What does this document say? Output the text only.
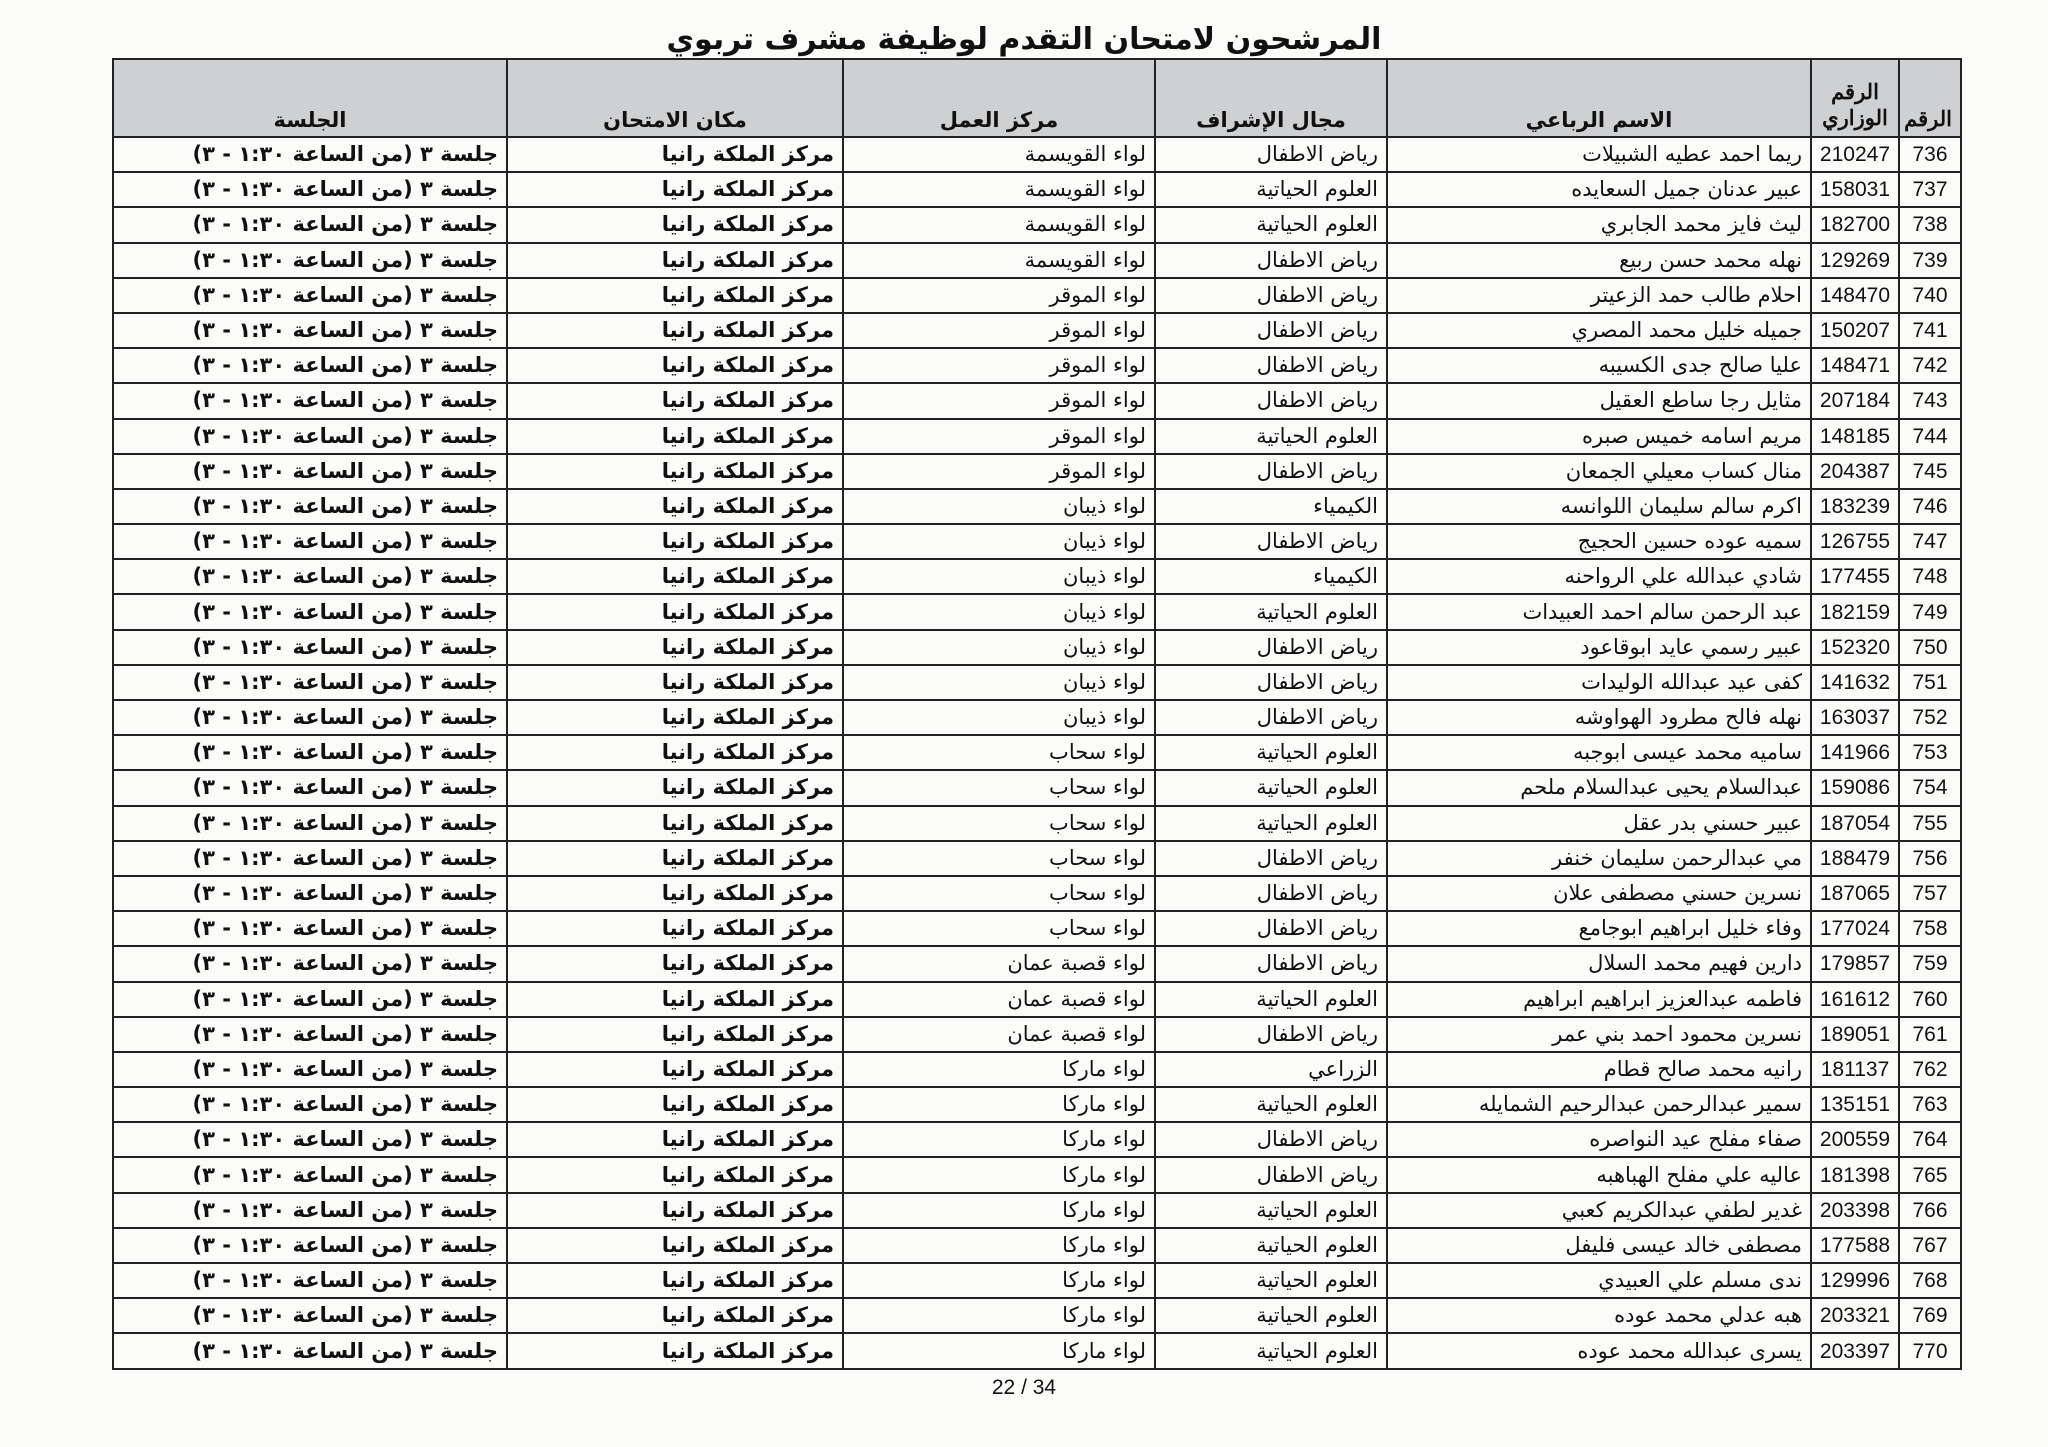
المرشحون لامتحان التقدم لوظيفة مشرف تربوي
الرقم	الرقم الوزاري	الاسم الرباعي	مجال الإشراف	مركز العمل	مكان الامتحان	الجلسة
736	210247	ريما احمد عطيه الشبيلات	رياض الاطفال	لواء القويسمة	مركز الملكة رانيا	جلسة ٣ (من الساعة ١:٣٠ - ٣)
737	158031	عبير عدنان جميل السعايده	العلوم الحياتية	لواء القويسمة	مركز الملكة رانيا	جلسة ٣ (من الساعة ١:٣٠ - ٣)
738	182700	ليث فايز محمد الجابري	العلوم الحياتية	لواء القويسمة	مركز الملكة رانيا	جلسة ٣ (من الساعة ١:٣٠ - ٣)
739	129269	نهله محمد حسن ربيع	رياض الاطفال	لواء القويسمة	مركز الملكة رانيا	جلسة ٣ (من الساعة ١:٣٠ - ٣)
740	148470	احلام طالب حمد الزعيتر	رياض الاطفال	لواء الموقر	مركز الملكة رانيا	جلسة ٣ (من الساعة ١:٣٠ - ٣)
741	150207	جميله خليل محمد المصري	رياض الاطفال	لواء الموقر	مركز الملكة رانيا	جلسة ٣ (من الساعة ١:٣٠ - ٣)
742	148471	عليا صالح جدى الكسيبه	رياض الاطفال	لواء الموقر	مركز الملكة رانيا	جلسة ٣ (من الساعة ١:٣٠ - ٣)
743	207184	مثايل رجا ساطع العقيل	رياض الاطفال	لواء الموقر	مركز الملكة رانيا	جلسة ٣ (من الساعة ١:٣٠ - ٣)
744	148185	مريم اسامه خميس صبره	العلوم الحياتية	لواء الموقر	مركز الملكة رانيا	جلسة ٣ (من الساعة ١:٣٠ - ٣)
745	204387	منال كساب معيلي الجمعان	رياض الاطفال	لواء الموقر	مركز الملكة رانيا	جلسة ٣ (من الساعة ١:٣٠ - ٣)
746	183239	اكرم سالم سليمان اللوانسه	الكيمياء	لواء ذيبان	مركز الملكة رانيا	جلسة ٣ (من الساعة ١:٣٠ - ٣)
747	126755	سميه عوده حسين الحجيج	رياض الاطفال	لواء ذيبان	مركز الملكة رانيا	جلسة ٣ (من الساعة ١:٣٠ - ٣)
748	177455	شادي عبدالله علي الرواحنه	الكيمياء	لواء ذيبان	مركز الملكة رانيا	جلسة ٣ (من الساعة ١:٣٠ - ٣)
749	182159	عبد الرحمن سالم احمد العبيدات	العلوم الحياتية	لواء ذيبان	مركز الملكة رانيا	جلسة ٣ (من الساعة ١:٣٠ - ٣)
750	152320	عبير رسمي عايد ابوقاعود	رياض الاطفال	لواء ذيبان	مركز الملكة رانيا	جلسة ٣ (من الساعة ١:٣٠ - ٣)
751	141632	كفى عيد عبدالله الوليدات	رياض الاطفال	لواء ذيبان	مركز الملكة رانيا	جلسة ٣ (من الساعة ١:٣٠ - ٣)
752	163037	نهله فالح مطرود الهواوشه	رياض الاطفال	لواء ذيبان	مركز الملكة رانيا	جلسة ٣ (من الساعة ١:٣٠ - ٣)
753	141966	ساميه محمد عيسى ابوجبه	العلوم الحياتية	لواء سحاب	مركز الملكة رانيا	جلسة ٣ (من الساعة ١:٣٠ - ٣)
754	159086	عبدالسلام يحيى عبدالسلام ملحم	العلوم الحياتية	لواء سحاب	مركز الملكة رانيا	جلسة ٣ (من الساعة ١:٣٠ - ٣)
755	187054	عبير حسني بدر عقل	العلوم الحياتية	لواء سحاب	مركز الملكة رانيا	جلسة ٣ (من الساعة ١:٣٠ - ٣)
756	188479	مي عبدالرحمن سليمان خنفر	رياض الاطفال	لواء سحاب	مركز الملكة رانيا	جلسة ٣ (من الساعة ١:٣٠ - ٣)
757	187065	نسرين حسني مصطفى علان	رياض الاطفال	لواء سحاب	مركز الملكة رانيا	جلسة ٣ (من الساعة ١:٣٠ - ٣)
758	177024	وفاء خليل ابراهيم ابوجامع	رياض الاطفال	لواء سحاب	مركز الملكة رانيا	جلسة ٣ (من الساعة ١:٣٠ - ٣)
759	179857	دارين فهيم محمد السلال	رياض الاطفال	لواء قصبة عمان	مركز الملكة رانيا	جلسة ٣ (من الساعة ١:٣٠ - ٣)
760	161612	فاطمه عبدالعزيز ابراهيم ابراهيم	العلوم الحياتية	لواء قصبة عمان	مركز الملكة رانيا	جلسة ٣ (من الساعة ١:٣٠ - ٣)
761	189051	نسرين محمود احمد بني عمر	رياض الاطفال	لواء قصبة عمان	مركز الملكة رانيا	جلسة ٣ (من الساعة ١:٣٠ - ٣)
762	181137	رانيه محمد صالح قطام	الزراعي	لواء ماركا	مركز الملكة رانيا	جلسة ٣ (من الساعة ١:٣٠ - ٣)
763	135151	سمير عبدالرحمن عبدالرحيم الشمايله	العلوم الحياتية	لواء ماركا	مركز الملكة رانيا	جلسة ٣ (من الساعة ١:٣٠ - ٣)
764	200559	صفاء مفلح عيد النواصره	رياض الاطفال	لواء ماركا	مركز الملكة رانيا	جلسة ٣ (من الساعة ١:٣٠ - ٣)
765	181398	عاليه علي مفلح الهباهبه	رياض الاطفال	لواء ماركا	مركز الملكة رانيا	جلسة ٣ (من الساعة ١:٣٠ - ٣)
766	203398	غدير لطفي عبدالكريم كعبي	العلوم الحياتية	لواء ماركا	مركز الملكة رانيا	جلسة ٣ (من الساعة ١:٣٠ - ٣)
767	177588	مصطفى خالد عيسى فليفل	العلوم الحياتية	لواء ماركا	مركز الملكة رانيا	جلسة ٣ (من الساعة ١:٣٠ - ٣)
768	129996	ندى مسلم علي العبيدي	العلوم الحياتية	لواء ماركا	مركز الملكة رانيا	جلسة ٣ (من الساعة ١:٣٠ - ٣)
769	203321	هبه عدلي محمد عوده	العلوم الحياتية	لواء ماركا	مركز الملكة رانيا	جلسة ٣ (من الساعة ١:٣٠ - ٣)
770	203397	يسرى عبدالله محمد عوده	العلوم الحياتية	لواء ماركا	مركز الملكة رانيا	جلسة ٣ (من الساعة ١:٣٠ - ٣)
22 / 34
